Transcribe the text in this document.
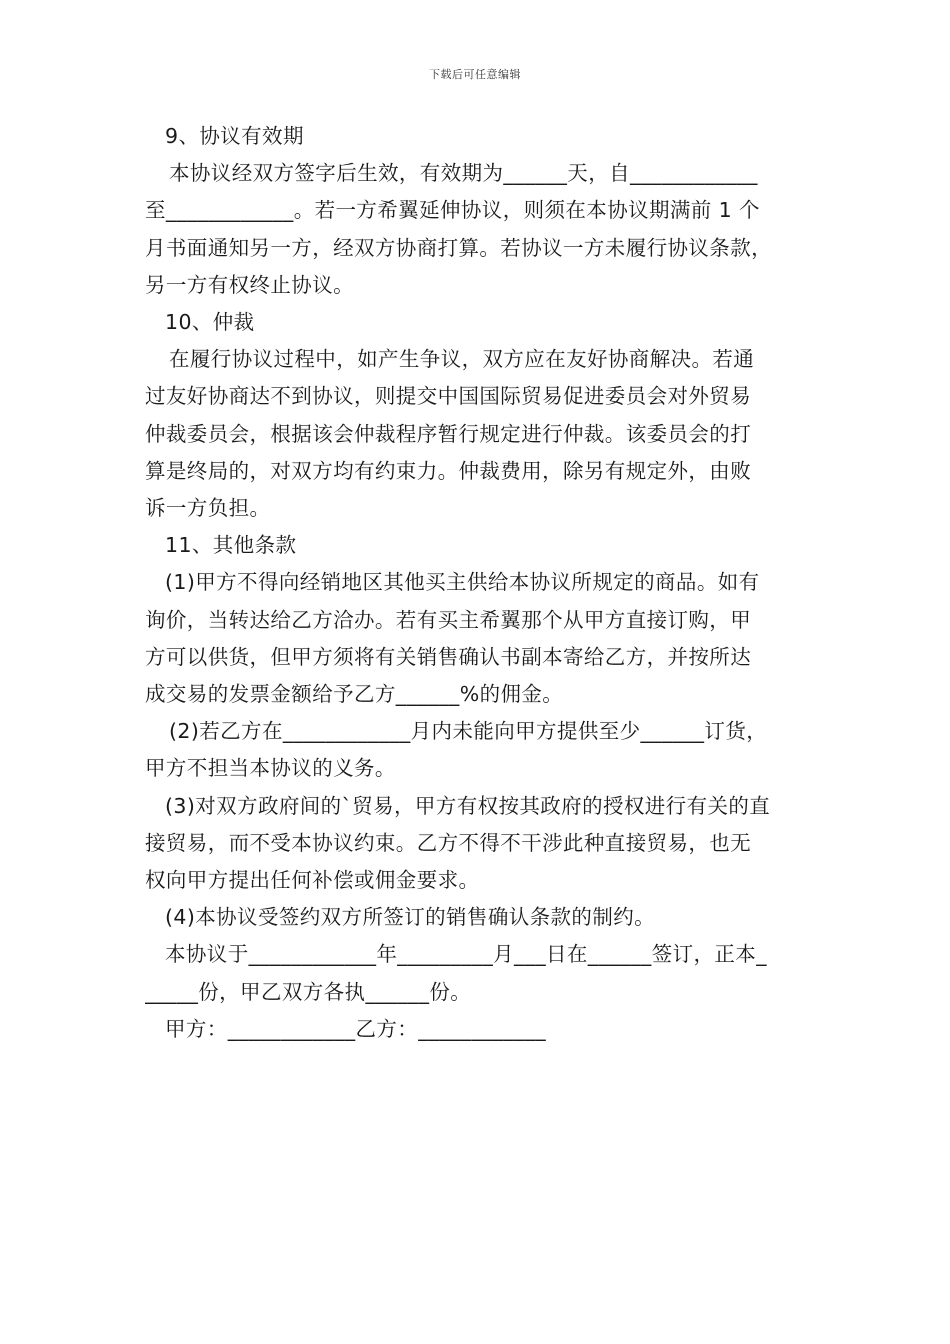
下载后可任意编辑
9、协议有效期
本协议经双方签字后生效，有效期为______天，自____________
至____________。若一方希翼延伸协议，则须在本协议期满前 1 个
月书面通知另一方，经双方协商打算。若协议一方未履行协议条款，
另一方有权终止协议。
10、仲裁
在履行协议过程中，如产生争议，双方应在友好协商解决。若通
过友好协商达不到协议，则提交中国国际贸易促进委员会对外贸易
仲裁委员会，根据该会仲裁程序暂行规定进行仲裁。该委员会的打
算是终局的，对双方均有约束力。仲裁费用，除另有规定外，由败
诉一方负担。
11、其他条款
(1)甲方不得向经销地区其他买主供给本协议所规定的商品。如有
询价，当转达给乙方洽办。若有买主希翼那个从甲方直接订购，甲
方可以供货，但甲方须将有关销售确认书副本寄给乙方，并按所达
成交易的发票金额给予乙方______%的佣金。
(2)若乙方在____________月内未能向甲方提供至少______订货，
甲方不担当本协议的义务。
(3)对双方政府间的`贸易，甲方有权按其政府的授权进行有关的直
接贸易，而不受本协议约束。乙方不得不干涉此种直接贸易，也无
权向甲方提出任何补偿或佣金要求。
(4)本协议受签约双方所签订的销售确认条款的制约。
本协议于____________年_________月___日在______签订，正本_
_____份，甲乙双方各执______份。
甲方：____________乙方：____________
